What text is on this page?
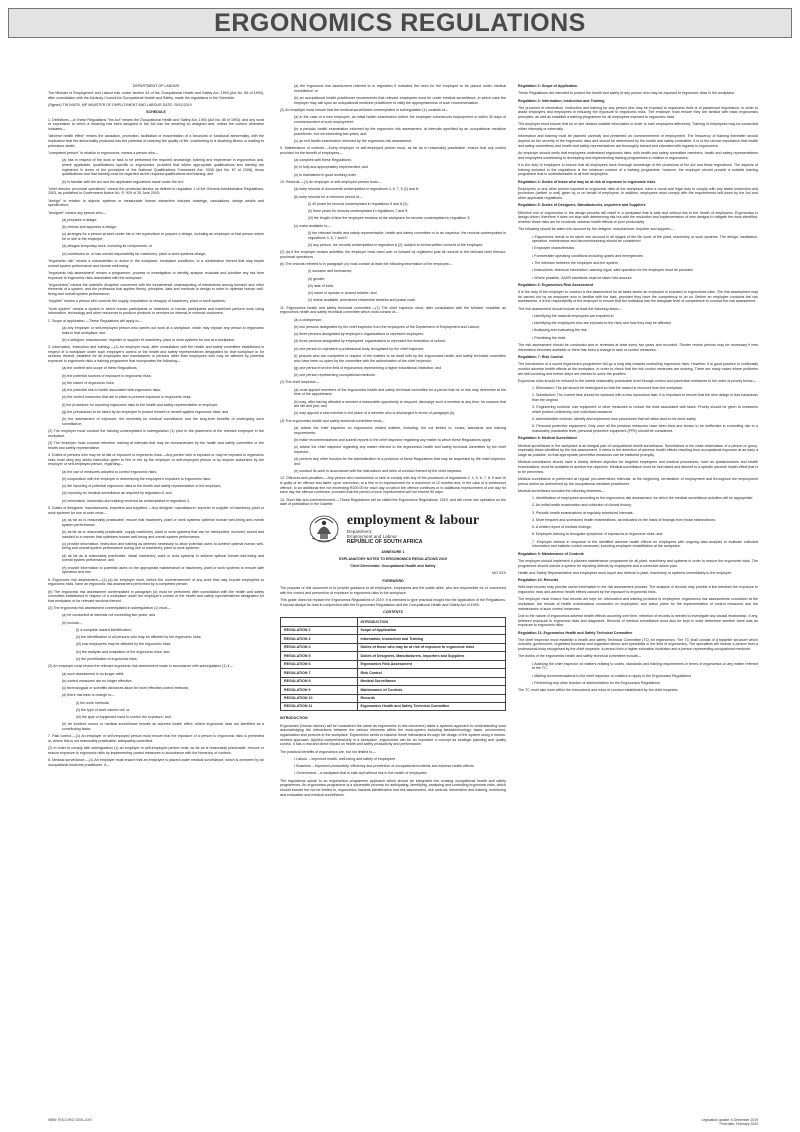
ERGONOMICS REGULATIONS

DEPARTMENT OF LABOUR

The Minister of Employment and Labour has, under section 43 of the Occupational Health and Safety Act, 1993 (Act No. 85 of 1993), after consultation with the Advisory Council for Occupational Health and Safety, made the regulations in the Schedule.

(Signed) TW NXESI, MP MINISTER OF EMPLOYMENT AND LABOUR DATE: 20/11/2019

SCHEDULE

1. Definitions.—In these Regulations "the Act" means the Occupational Health and Safety Act, 1993 (Act No. 85 of 1993), and any word or expression to which a meaning has been assigned in the Act has the meaning so assigned and, unless the context otherwise indicates—

"adverse health effect" means the causation, promotion, facilitation or exacerbation of a structural or functional abnormality, with the implication that the abnormality produced has the potential of lowering the quality of life, contributing to a disabling illness or leading to premature death;

"competent person" in relation to ergonomics, means a person who—

(a) has in respect of the work or task to be performed the required knowledge, training and experience in ergonomics and, where applicable, qualifications specific to ergonomics: provided that where appropriate qualifications and training are registered in terms of the provisions of the National Qualifications Framework Act, 2008 (Act No. 67 of 2008), those qualifications and that training must be regarded as the required qualifications and training; and

(b) is familiar with the Act and the applicable regulations made under the Act;

"chief director: provincial operations" means the provincial director as defined in regulation 1 of the General Administrative Regulations, 2003, as published in Government Notice No. R. 929 of 25 June 2003;

"design" in relation to objects, systems or measurable human interaction includes drawings, calculations, design details and specification;

"designer" means any person who—

(a) prepares a design;

(b) checks and approves a design;

(c) arranges for a person at work under his or her supervision to prepare a design, including an employee of that person where he or she is the employer;

(d) designs temporary work, including its components; or

(e) contributes to, or has overall responsibility for machinery, plant or work systems design;

"ergonomic risk" means a characteristic or action in the workplace, workplace conditions, or a combination thereof that may impair overall system performance and human well-being;

"ergonomic risk assessment" means a programme, process or investigation to identify, analyse, evaluate and prioritise any risk from exposure to ergonomic risks associated with the workplace;

"ergonomics" means the scientific discipline concerned with the fundamental understanding of interactions among humans and other elements of a system, and the profession that applies theory, principles, data and methods to design in order to optimise human well-being and overall system performance;

"supplier" means a person who controls the supply, importation or resupply of machinery, plant or work systems;

"work system" means a system in which human participants or machines or human participants and machines perform work using information, technology and other resources to produce products or services for internal or external customers.

2. Scope of application.—These Regulations will apply to—

(a) any employer or self-employed person who carries out work at a workplace, which may expose any person to ergonomic risks in that workplace; and

(b) a designer, manufacturer, importer or supplier of machinery, plant or work systems for use at a workplace.

3. Information, instruction and training.—(1) An employer must, after consultation with the health and safety committee established in respect of a workplace under such employer's control or the health and safety representatives designated for that workplace or for sections thereof, establish for all employees and mandataries or persons other than employees who may be affected by potential exposure to ergonomic risks a training programme that incorporates the following—

(a) the content and scope of these Regulations;

(b) the potential sources of exposure to ergonomic risks;

(c) the nature of ergonomic risks;

(d) the potential risk to health associated with ergonomic risks;

(e) the control measures that are in place to prevent exposure to ergonomic risks;

(f) the procedure for reporting ergonomic risks to the health and safety representative or employer;

(g) the precautions to be taken by an employee to protect himself or herself against ergonomic risks; and

(h) the assessment of exposure, the necessity for medical surveillance and the long-term benefits of undergoing such surveillance;

(2) The employer must conduct the training contemplated in subregulation (1) prior to the placement of the relevant employee in the workplace.

(3) The employer must conduct refresher training at intervals that may be recommended by the health and safety committee or the health and safety representative.

4. Duties of persons who may be at risk of exposure to ergonomic risks.—Any person who is exposed or may be exposed to ergonomic risks must obey any lawful instruction given to him or her by the employer or self-employed person or by anyone authorised by the employer or self-employed person, regarding—

(a) the use of measures adopted to control ergonomic risks;

(b) cooperation with the employer in determining the employee's exposure to ergonomic risks;

(c) the reporting of potential ergonomic risks to the health and safety representative or the employer;

(d) reporting for medical surveillance as required by regulation 8; and

(e) information, instruction and training received as contemplated in regulation 3.

5. Duties of designers, manufacturers, importers and suppliers.—Any designer, manufacturer, importer or supplier of machinery, plant or work systems for use at work must—

(a) as far as is reasonably practicable, ensure that machinery, plant or work systems optimise human well-being and overall system performance;

(b) as far as is reasonably practicable, supply machinery, plant or work systems that can be transported, received, stored and handled in a manner that optimises human well-being and overall system performance;

(c) provide information, instruction and training as deemed necessary to allow potential users to achieve optimal human well-being and overall system performance during use of machinery, plant or work systems;

(d) as far as is reasonably practicable, install machinery, plant or work systems to achieve optimal human well-being and overall system performance; and

(e) provide information to potential users on the appropriate maintenance of machinery, plant or work systems to ensure safe operation and use.

6. Ergonomic risk assessment.—(1) (a) An employer must, before the commencement of any work that may expose employees to ergonomic risks, have an ergonomic risk assessment performed by a competent person.

(b) The ergonomic risk assessment contemplated in paragraph (a) must be performed after consultation with the health and safety committee established in respect of a workplace under the employer's control or the health and safety representatives designated for that workplace or for relevant sections thereof.

(2) The ergonomic risk assessment contemplated in subregulation (1) must—

(a) be conducted at intervals not exceeding two years; and

(b) include—

(i) a complete hazard identification;

(ii) the identification of all persons who may be affected by the ergonomic risks;

(iii) how employees may be affected by the ergonomic risks;

(iv) the analysis and evaluation of the ergonomic risks; and

(v) the prioritisation of ergonomic risks.

(3) An employer must review the relevant ergonomic risk assessment made in accordance with subregulation (1) if—

(a) such assessment is no longer valid;

(b) control measures are no longer effective;

(c) technological or scientific advances allow for more effective control methods;

(d) there has been a change in—

(i) the work methods;

(ii) the type of work carried out; or

(iii) the type of equipment used to control the exposure; and

(e) an incident occurs or medical surveillance reveals an adverse health effect, where ergonomic risks are identified as a contributing factor.

7. Risk control.—(1) An employer or self-employed person must ensure that the exposure of a person to ergonomic risks is prevented or, where this is not reasonably practicable, adequately controlled.

(2) In order to comply with subregulation (1) an employer or self-employed person must, as far as is reasonably practicable, remove or reduce exposure to ergonomic risks by implementing control measures in accordance with the hierarchy of controls.

8. Medical surveillance.—(1) An employer must ensure that an employee is placed under medical surveillance, which is overseen by an occupational medicine practitioner, if—

(a) the ergonomic risk assessment referred to in regulation 6 indicates the need for the employee to be placed under medical surveillance; or

(b) an occupational health practitioner recommends that relevant employees must be under medical surveillance, in which case the employer may call upon an occupational medicine practitioner to ratify the appropriateness of such recommendation.

(2) An employer must ensure that the medical surveillance contemplated in subregulation (1) consists of—

(a) in the case of a new employee, an initial health examination before the employee commences employment or within 30 days of commencement of such employment;

(b) a periodic health examination informed by the ergonomic risk assessment, at intervals specified by an occupational medicine practitioner, but not exceeding two years; and

(c) an exit health examination informed by the ergonomic risk assessment.

9. Maintenance of controls.—Every employer or self-employed person must, as far as is reasonably practicable, ensure that any control provided for the benefit of employees—

(a) complies with these Regulations;

(b) is fully and appropriately implemented; and

(c) is maintained in good working order.

10. Records.—(1) An employer or self-employed person must—

(a) keep records of documents contemplated in regulations 3, 6, 7, 9 (2) and 8;

(b) keep records for a minimum period of—

(i) 40 years for records contemplated in regulations 6 and 8 (2);

(ii) three years for records contemplated in regulations 7 and 9;

(iii) the length of time the employee remains at the workplace for records contemplated in regulation 3;

(c) make available to—

(i) the relevant health and safety representative, health and safety committee or to an inspector, the records contemplated in regulations 3, 6, 7 and 9;

(ii) any person, the records contemplated in regulation 8 (2), subject to formal written consent of the employee.

(2) (a) If the employer ceases activities, the employer must hand over or forward by registered post all records to the relevant chief director: provincial operations.

(b) The records referred to in paragraph (a) must contain at least the following information of the employee—

(i) surname and forenames;

(ii) gender;

(iii) date of birth;

(iv) name of spouse or closest relative; and

(v) where available, permanent residential address and postal code.

11. Ergonomics health and safety technical committee.—(1) The chief inspector must, after consultation with the Minister, establish an ergonomics health and safety technical committee which must consist of—

(a) a chairperson;

(b) two persons designated by the chief inspector from the employees of the Department of Employment and Labour;

(c) three persons designated by employer's organisations to represent employers;

(d) three persons designated by employees' organisations to represent the federation of unions;

(e) one person to represent a professional body recognised by the chief inspector;

(f) persons who are competent in respect of the matters to be dealt with by the ergonomics health and safety technical committee who have been co-opted by the committee with the authorisation of the chief inspector;

(g) one person from the field of ergonomics representing a higher educational institution; and

(h) one person representing occupational medicine.

(2) The chief inspector—

(a) must appoint members of the ergonomics health and safety technical committee for a period that he or she may determine at the time of the appointment;

(b) may, after having afforded a member a reasonable opportunity to respond, discharge such a member at any time, for reasons that are fair and just; and

(c) may appoint a new member in the place of a member who is discharged in terms of paragraph (b).

(3) The ergonomics health and safety technical committee must—

(a) advise the chief inspector on ergonomics related matters, including, but not limited to, codes, standards and training requirements;

(b) make recommendations and submit reports to the chief inspector regarding any matter to which these Regulations apply;

(c) advise the chief inspector regarding any matter referred to the ergonomics health and safety technical committee by the chief inspector;

(d) perform any other function for the administration of a provision of these Regulations that may be requested by the chief inspector; and

(e) conduct its work in accordance with the instructions and rules of conduct framed by the chief inspector.

12. Offences and penalties.—Any person who contravenes or fails to comply with any of the provisions of regulations 3, 4, 5, 6, 7, 8, 9 and 10 is guilty of an offence and liable, upon conviction, to a fine or to imprisonment for a maximum of 12 months and, in the case of a continuous offence, to an additional fine not exceeding R200.00 for each day on which the offence continues or to additional imprisonment of one day for each day the offence continues: provided that the period of such imprisonment will not exceed 90 days.

13. Short title and commencement.—These Regulations will be called the Ergonomics Regulations, 2019, and will come into operation on the date of publication in the Gazette.

employment & labour
Department:
Employment and Labour
REPUBLIC OF SOUTH AFRICA

ANNEXURE 1

EXPLANATORY NOTES TO ERGONOMICS REGULATIONS 2019

Chief Directorate: Occupational Health and Safety

MO XXX

FOREWORD

The purpose of this document is to provide guidance to all employers, employees and the public alike, who are responsible for or concerned with the control and prevention of exposure to ergonomic risks in the workplace.

This guide does not replace the Ergonomics Regulations of 2019. It is intended to give practical insight into the application of the Regulations. It should always be read in conjunction with the Ergonomics Regulations and the Occupational Health and Safety Act of 1993.

CONTENTS

	INTRODUCTION
REGULATION 2	Scope of Application
REGULATION 3	Information, Instruction and Training
REGULATION 4	Duties of those who may be at risk of exposure to ergonomic risks
REGULATION 5	Duties of Designers, Manufacturers, Importers and Suppliers
REGULATION 6	Ergonomics Risk Assessment
REGULATION 7	Risk Control
REGULATION 8	Medical Surveillance
REGULATION 9	Maintenance of Controls
REGULATION 10	Records
REGULATION 11	Ergonomics Health and Safety Technical Committee

INTRODUCTION

Ergonomics (human factors) will be considered the same as ergonomics in this document) takes a systems approach to understanding work acknowledging the interactions between the various elements within the work-system including tasks/technology, tasks, environment, organisation and persons in the workplace. Ergonomics seeks to balance these interactions through the design of the system using a human-centred approach. Applied comprehensively in a workplace, ergonomics can be an important a concept as strategic planning and quality control. It has a real and direct impact on health and safety productivity and performance.

The practical benefits of ergonomics are, but not limited to—

• Labour – improved health, well-being and safety of employees

• Business – improved productivity, efficiency and prevention of occupational incidents and adverse health effects

• Government – a workplace that is safe and without risk to the health of employees

The regulations speak to an ergonomics programme approach which should be integrated into existing occupational health and safety programmes. An ergonomics programme is a systematic process for anticipating, identifying, analysing and controlling ergonomic risks, which should include but not be limited to, ergonomics hazards identification and risk assessment, risk controls, information and training, monitoring and evaluation and medical surveillance.

Regulation 2: Scope of Application

These Regulations are intended to protect the health and safety of any person who may be exposed to ergonomic risks in the workplace.

Regulation 3: Information, Instruction and Training

The provision of information, instruction and training for any person who may be exposed to ergonomic risks is of paramount importance, in order to assist employers and employees in reducing the exposure to ergonomic risks. The employer must ensure they are familiar with basic ergonomics principles, as well as establish a training programme for all employees exposed to ergonomic risks.

The employer must ensure that he or she obtains suitable information in order to train employees effectively. Training of employees may be conducted either internally or externally.

Information and training must be planned carefully and presented on commencement of employment. The frequency of training thereafter should depend on the severity of the ergonomic risks and should be determined by the health and safety committee. It is of the utmost importance that health and safety committees and health and safety representatives are thoroughly trained and educated with regards to ergonomics.

An employer should verify that employees understand ergonomic risks, with health and safety committee members, health and safety representatives and employees contributing to developing and implementing training programmes in relation to ergonomics.

It is the duty of employers to ensure that all employees have thorough knowledge of the provisions of the Act and these regulations. The aspects of training included in the regulations is the minimum content of a training programme, however, the employer should provide a suitable training programme that is understandable to all their employees.

Regulation 4: Duties of those who may be at risk of exposure to ergonomic risks

Employees or any other person exposed to ergonomic risks at the workplace, have a moral and legal duty to comply with any lawful instruction and procedure (written or oral) given by or on behalf of employers. In addition, employees must comply with the requirements laid down by the Act and other applicable regulations.

Regulation 5: Duties of Designers, Manufacturers, Importers and Suppliers

Effective use of ergonomics in the design process will result in a workplace that is safe and without risk to the health of employees. Ergonomics is design driven, therefore it does not stop with determining risk but with the resolution and implementation of new designs to mitigate the risks identified, whether those risks are for incidents, adverse health effects or poor productivity.

The following should be taken into account by the designer, manufacturer, importer and supplier—

• Ergonomics needs to be taken into account in all stages of the life cycle of the plant, machinery or work systems. The design, installation, operation, maintenance and decommissioning should be considered

• Employee characteristics

• Foreseeable operating conditions including upsets and emergencies

• The interface between the employee and the system

• Instructions, technical information, warning signs, safe operation for the employee must be provided

• Where possible, SANS standards must be taken into account

Regulation 6: Ergonomics Risk Assessment

It is the duty of the employer to conduct a risk assessment for all tasks where an employee is exposed to ergonomics risks. The risk assessment may be carried out by an employee who is familiar with the task, provided they have the competency to do so. Before an employee conducts the risk assessment, it is the responsibility of the employer to ensure that the individual has the adequate level of competence to conduct the risk assessment.

The risk assessment should include at least the following steps—

• Identifying the hazards employees are exposed to

• Identifying the employees who are exposed to the risks and how they may be affected

• Analysing and evaluating the risk

• Prioritising the risks

The risk assessment should be conducted and or reviewed at least every two years and recorded. Shorter review periods may be necessary if new information becomes available or there has been a change in task or control measures.

Regulation 7: Risk Control

The introduction of a sound ergonomics programme will go a long way towards controlling ergonomic risks. However, it is good practice to continually monitor adverse health effects at the workplace, in order to check that the risk control measures are working. There are many cases where problems are still occurring and further steps are needed to solve the problem.

Ergonomic risks should be reduced to the lowest reasonably practicable level through control and prevention measures in the order of priority below—

1. Elimination: The job should be redesigned so that the hazard is removed from the workplace

2. Substitution: The current task should be replaced with a less hazardous task. It is important to ensure that the new design is less hazardous than the original

3. Engineering controls: Use equipment or other measures to reduce the risks associated with tasks. Priority should be given to measures which protect collectively over individual measures

4. Administrative controls: Identify and implement new procedures that will allow work to be done safely

5. Personal protective equipment: Only once all the previous measures have been tried and shown to be ineffective in controlling risk to a reasonably practicable level, personal protective equipment (PPE) should be considered.

Regulation 8: Medical Surveillance

Medical surveillance in the workplace is an integral part of occupational health surveillance. Surveillance is the close observation of a person or group, especially those identified by the risk assessment. It refers to the detection of adverse health effects resulting from occupational exposure at as early a stage as possible, so that appropriate preventive measures can be instituted promptly.

Medical surveillance should have a clearly defined objective for targeted employees and medical procedures, such as questionnaires and health examinations, must be available to achieve the objective. Medical surveillance must be risk based and tailored to a specific adverse health effect that is to be prevented.

Medical surveillance is performed at regular pre-determined intervals: at the beginning, termination of employment and throughout the employment period and/or as determined by the occupational medicine practitioner.

Medical surveillance includes the following elements—

1. Identification of employees according to the ergonomics risk assessment, for which the medical surveillance activities will be appropriate;

2. An initial health examination and collection of clinical history;

3. Periodic health examinations at regularly scheduled intervals;

4. More frequent and scheduled health examinations, as indicated on the basis of findings from those examinations;

5. A written report of medical findings;

6. Employee training to recognise symptoms of exposures to ergonomic risks; and

7. Employer actions in response to the identified adverse health effects on employees with ongoing data analysis to evaluate collected information and institute control measures, including employee rehabilitation at the workplace.

Regulation 9: Maintenance of Controls

The employer should implement a planned maintenance programme for all plant, machinery and systems in order to reduce the ergonomic risks. The programme should include a system for reporting defects by employees and a corrective action plan.

Health and Safety Representative and employees must report any defects in plant, machinery or systems immediately to the employer.

Regulation 10: Records

Well-kept records may provide useful information in the risk assessment process. The analysis of records may provide a link between the exposure to ergonomic risks and adverse health effects caused by the exposure to ergonomic risks.

The employer must ensure that records are kept for: information and training provided to employees, ergonomics risk assessments conducted at the workplace, the results of health examinations conducted on employees; and action plans for the implementation of control measures and the maintenance of such control measures.

Due to the nature of ergonomics adverse health effects occurring over time, retention of records is needed to investigate any causal relationship. If any, between exposure to ergonomic risks and diagnoses. Records of medical surveillance must also be kept in order determine whether there was an exposure to ergonomic risks.

Regulation 11: Ergonomics Health and Safety Technical Committee

The chief inspector must establish a health and safety Technical Committee (TC) for ergonomics. The TC shall consist of a tripartite structure which includes; government, organised business and organised labour and specialists in the field of ergonomics. The specialists will include a person from a professional body recognised by the chief inspector, a person from a higher education institution and a person representing occupational medicine.

The duties of the ergonomics health and safety technical committee include—

• Advising the chief inspector on matters relating to codes, standards and training requirements in terms of ergonomics or any matter referred to the TC

• Making recommendations to the chief inspector on matters to apply to the Ergonomics Regulations

• Performing any other function of administration for the Ergonomics Regulations

The TC must also work within the instructions and rules of conduct established by the chief inspector.

ISBN: 978-0-9917-0001-XXX	Legislation update: 6 December 2019
Print date: February 2020
